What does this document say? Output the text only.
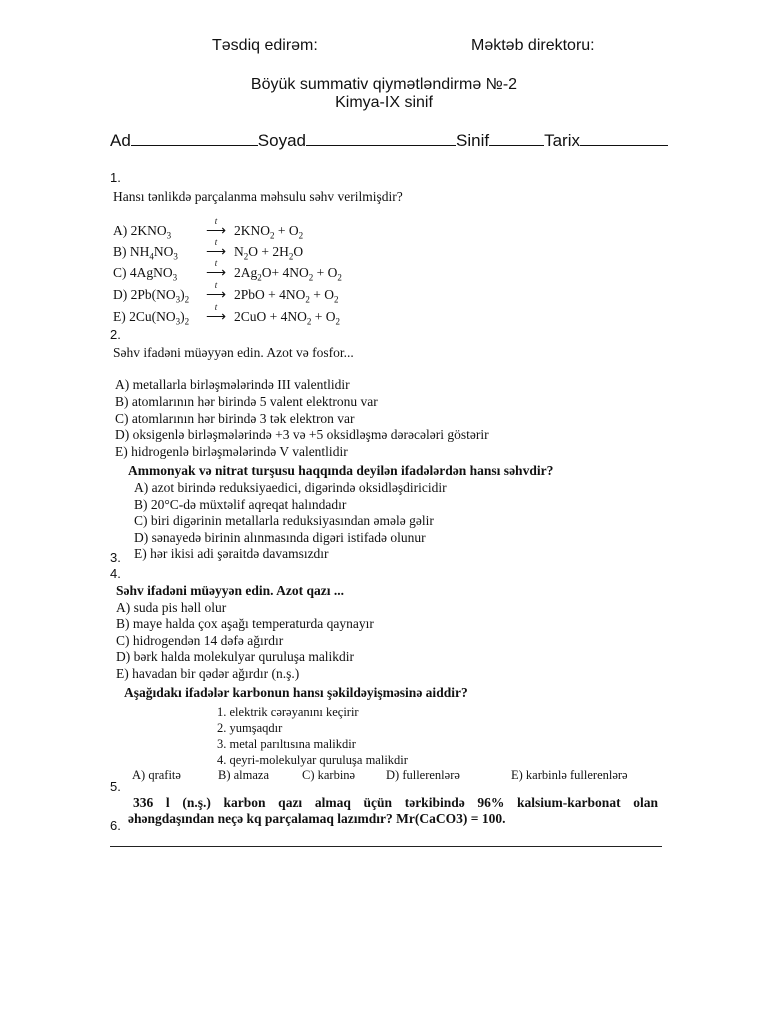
Təsdiq edirəm:	Məktəb direktoru:
Böyük summativ qiymətləndirmə №-2
Kimya-IX sinif
Ad	Soyad	Sinif	Tarix
1.
Hansı tənlikdə parçalanma məhsulu səhv verilmişdir?
A) $2KNO_3$
t
⟶ $2KNO_2 + O_2$
B) $NH_4NO_3$
t
⟶ $N_2O + 2H_2O$
C) 4AgNO$_3$
t
⟶ $2Ag_2O+ 4NO_2 + O_2$
D) $2Pb(NO_3)_2$
t
⟶ $2PbO + 4NO_2 + O_2$
E) $2Cu(NO_3)_2$
t
⟶ $2CuO + 4NO_2 + O_2$
2.
Səhv ifadəni müəyyən edin. Azot və fosfor...
A) metallarla birləşmələrində III valentlidir
B) atomlarının hər birində 5 valent elektronu var
C) atomlarının hər birində 3 tək elektron var
D) oksigenlə birləşmələrində +3 və +5 oksidləşmə dərəcələri göstərir
E) hidrogenlə birləşmələrində V valentlidir
Ammonyak və nitrat turşusu haqqında deyilən ifadələrdən hansı səhvdir?
A) azot birində reduksiyaedici, digərində oksidləşdiricidir
B) 20°C-də müxtəlif aqreqat halındadır
C) biri digərinin metallarla reduksiyasından əmələ gəlir
D) sənayedə birinin alınmasında digəri istifadə olunur
E) hər ikisi adi şəraitdə davamsızdır
3.
4.
Səhv ifadəni müəyyən edin. Azot qazı ...
A) suda pis həll olur
B) maye halda çox aşağı temperaturda qaynayır
C) hidrogendən 14 dəfə ağırdır
D) bərk halda molekulyar quruluşa malikdir
E) havadan bir qədər ağırdır (n.ş.)
Aşağıdakı ifadələr karbonun hansı şəkildəyişməsinə aiddir?
1. elektrik cərəyanını keçirir
2. yumşaqdır
3. metal parıltısına malikdir
4. qeyri-molekulyar quruluşa malikdir
A) qrafitə	B) almaza	C) karbinə D) fullerenlərə	E) karbinlə fullerenlərə
5.
336 l (n.ş.) karbon qazı almaq üçün tərkibində 96% kalsium-karbonat olan
əhəngdaşından neçə kq parçalamaq lazımdır? Mr(CaCO3) = 100.
6.
